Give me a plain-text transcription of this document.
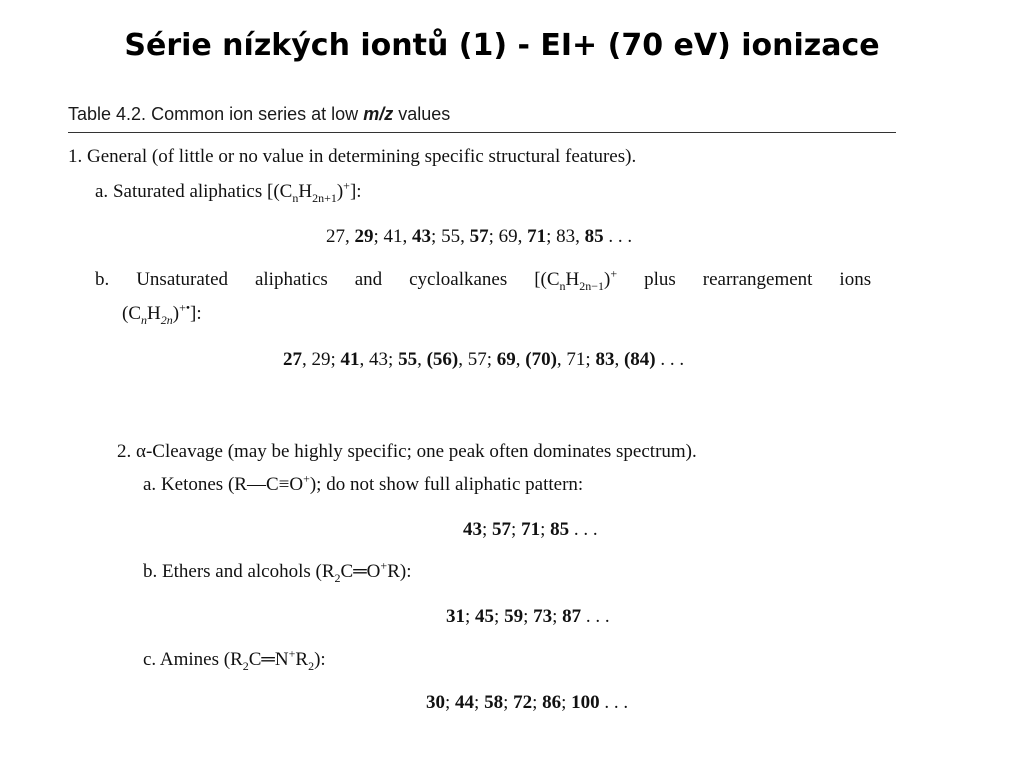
Série nízkých iontů (1) - EI+ (70 eV) ionizace
Table 4.2. Common ion series at low m/z values
1. General (of little or no value in determining specific structural features).
a. Saturated aliphatics $[(C_nH_{2n+1})^+]$:
27, 29; 41, 43; 55, 57; 69, 71; 83, 85 . . .
b. Unsaturated aliphatics and cycloalkanes [$(C_nH_{2n-1})^+$ plus rearrangement ions
$(C_nH_{2n})^{+•}$]:
27, 29; 41, 43; 55, (56), 57; 69, (70), 71; 83, (84) . . .
2. α-Cleavage (may be highly specific; one peak often dominates spectrum).
a. Ketones (R—C≡O+); do not show full aliphatic pattern:
43; 57; 71; 85 . . .
b. Ethers and alcohols $(R_2C═O^+R)$:
31; 45; 59; 73; 87 . . .
c. Amines $(R_2C═N^+R_2)$:
30; 44; 58; 72; 86; 100 . . .
